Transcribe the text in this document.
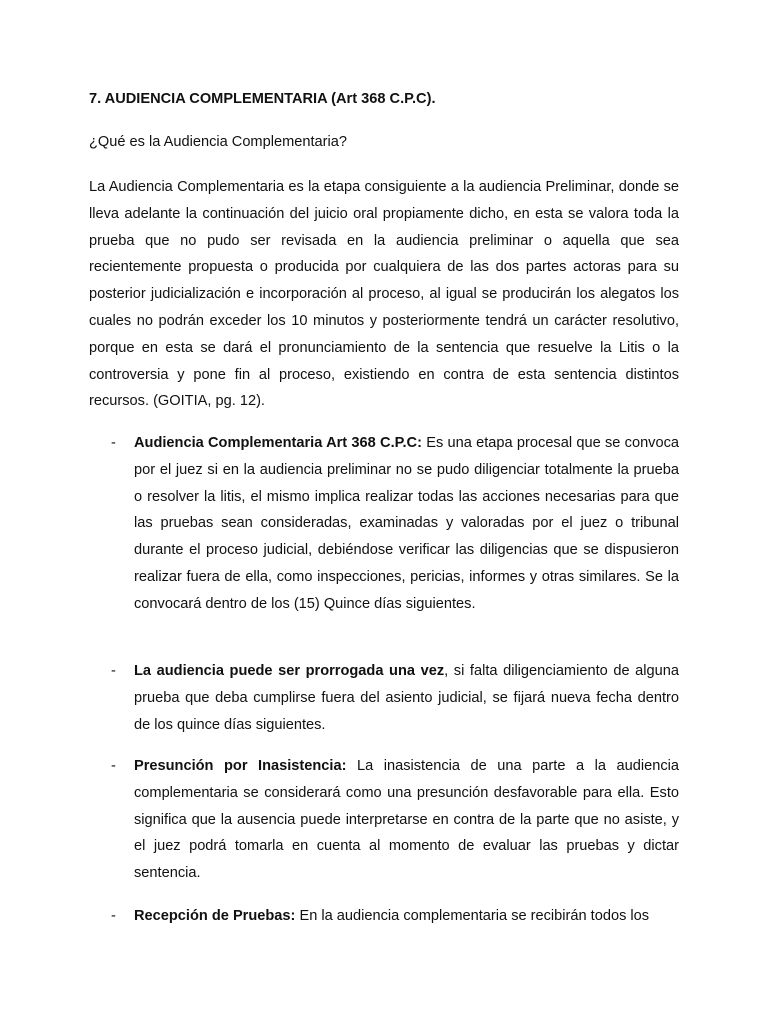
7. AUDIENCIA COMPLEMENTARIA (Art 368 C.P.C).
¿Qué es la Audiencia Complementaria?

La Audiencia Complementaria es la etapa consiguiente a la audiencia Preliminar, donde se lleva adelante la continuación del juicio oral propiamente dicho, en esta se valora toda la prueba que no pudo ser revisada en la audiencia preliminar o aquella que sea recientemente propuesta o producida por cualquiera de las dos partes actoras para su posterior judicialización e incorporación al proceso, al igual se producirán los alegatos los cuales no podrán exceder los 10 minutos y posteriormente tendrá un carácter resolutivo, porque en esta se dará el pronunciamiento de la sentencia que resuelve la Litis o la controversia y pone fin al proceso, existiendo en contra de esta sentencia distintos recursos. (GOITIA, pg. 12).

- Audiencia Complementaria Art 368 C.P.C: Es una etapa procesal que se convoca por el juez si en la audiencia preliminar no se pudo diligenciar totalmente la prueba o resolver la litis, el mismo implica realizar todas las acciones necesarias para que las pruebas sean consideradas, examinadas y valoradas por el juez o tribunal durante el proceso judicial, debiéndose verificar las diligencias que se dispusieron realizar fuera de ella, como inspecciones, pericias, informes y otras similares. Se la convocará dentro de los (15) Quince días siguientes.

- La audiencia puede ser prorrogada una vez, si falta diligenciamiento de alguna prueba que deba cumplirse fuera del asiento judicial, se fijará nueva fecha dentro de los quince días siguientes.

- Presunción por Inasistencia: La inasistencia de una parte a la audiencia complementaria se considerará como una presunción desfavorable para ella. Esto significa que la ausencia puede interpretarse en contra de la parte que no asiste, y el juez podrá tomarla en cuenta al momento de evaluar las pruebas y dictar sentencia.

- Recepción de Pruebas: En la audiencia complementaria se recibirán todos los
